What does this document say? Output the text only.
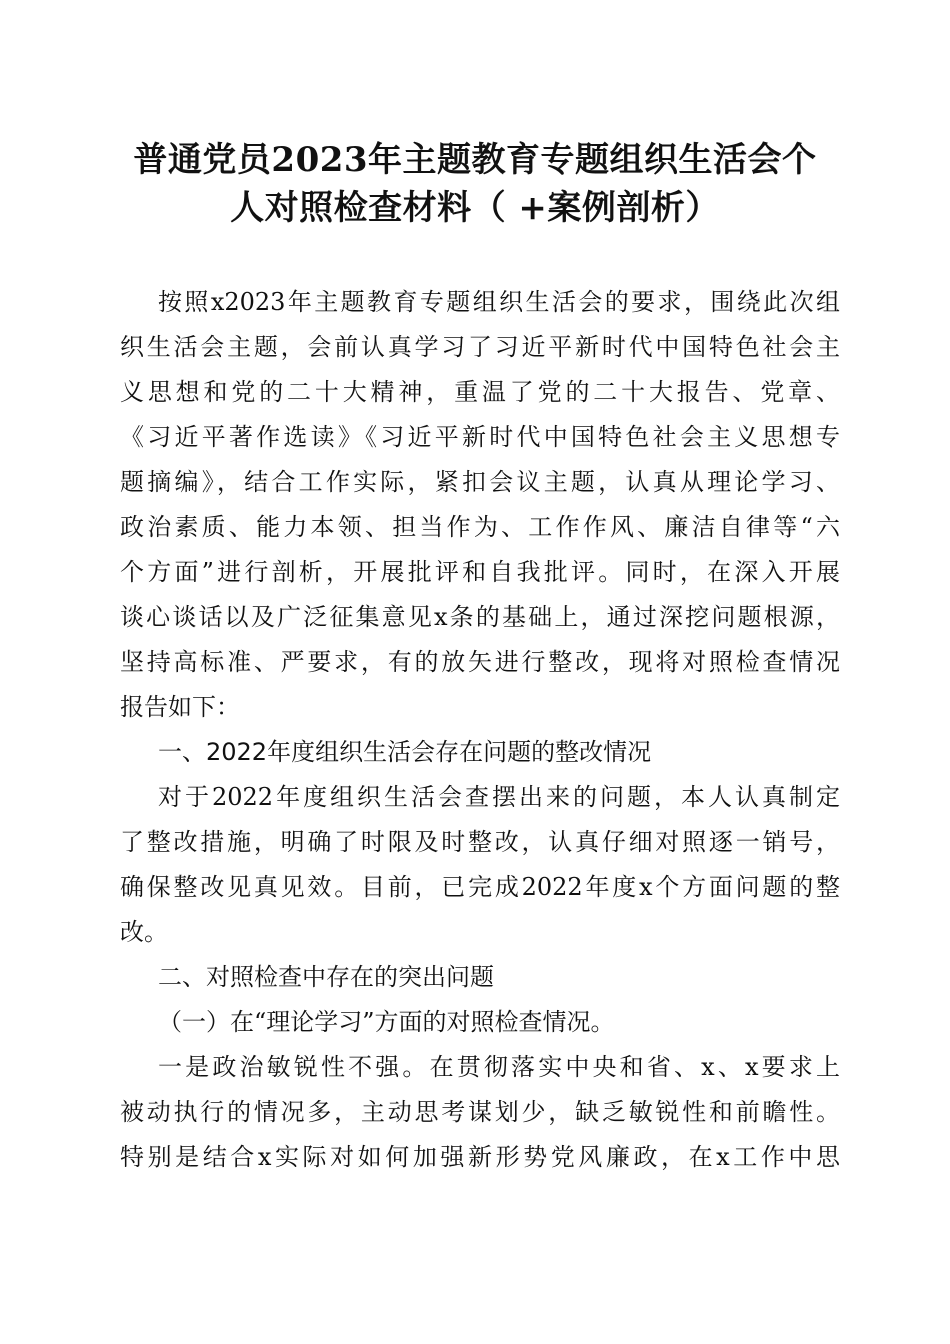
普通党员2023年主题教育专题组织生活会个
人对照检查材料（ +案例剖析）
按照x2023年主题教育专题组织生活会的要求，围绕此次组
织生活会主题，会前认真学习了习近平新时代中国特色社会主
义思想和党的二十大精神，重温了党的二十大报告、党章、
《习近平著作选读》《习近平新时代中国特色社会主义思想专
题摘编》，结合工作实际，紧扣会议主题，认真从理论学习、
政治素质、能力本领、担当作为、工作作风、廉洁自律等“六
个方面”进行剖析，开展批评和自我批评。同时，在深入开展
谈心谈话以及广泛征集意见x条的基础上，通过深挖问题根源，
坚持高标准、严要求，有的放矢进行整改，现将对照检查情况
报告如下：
一、2022年度组织生活会存在问题的整改情况
对于2022年度组织生活会查摆出来的问题，本人认真制定
了整改措施，明确了时限及时整改，认真仔细对照逐一销号，
确保整改见真见效。目前，已完成2022年度x个方面问题的整
改。
二、对照检查中存在的突出问题

（一）在“理论学习”方面的对照检查情况。

一是政治敏锐性不强。在贯彻落实中央和省、x、x要求上
被动执行的情况多，主动思考谋划少，缺乏敏锐性和前瞻性。
特别是结合x实际对如何加强新形势党风廉政，在x工作中思
